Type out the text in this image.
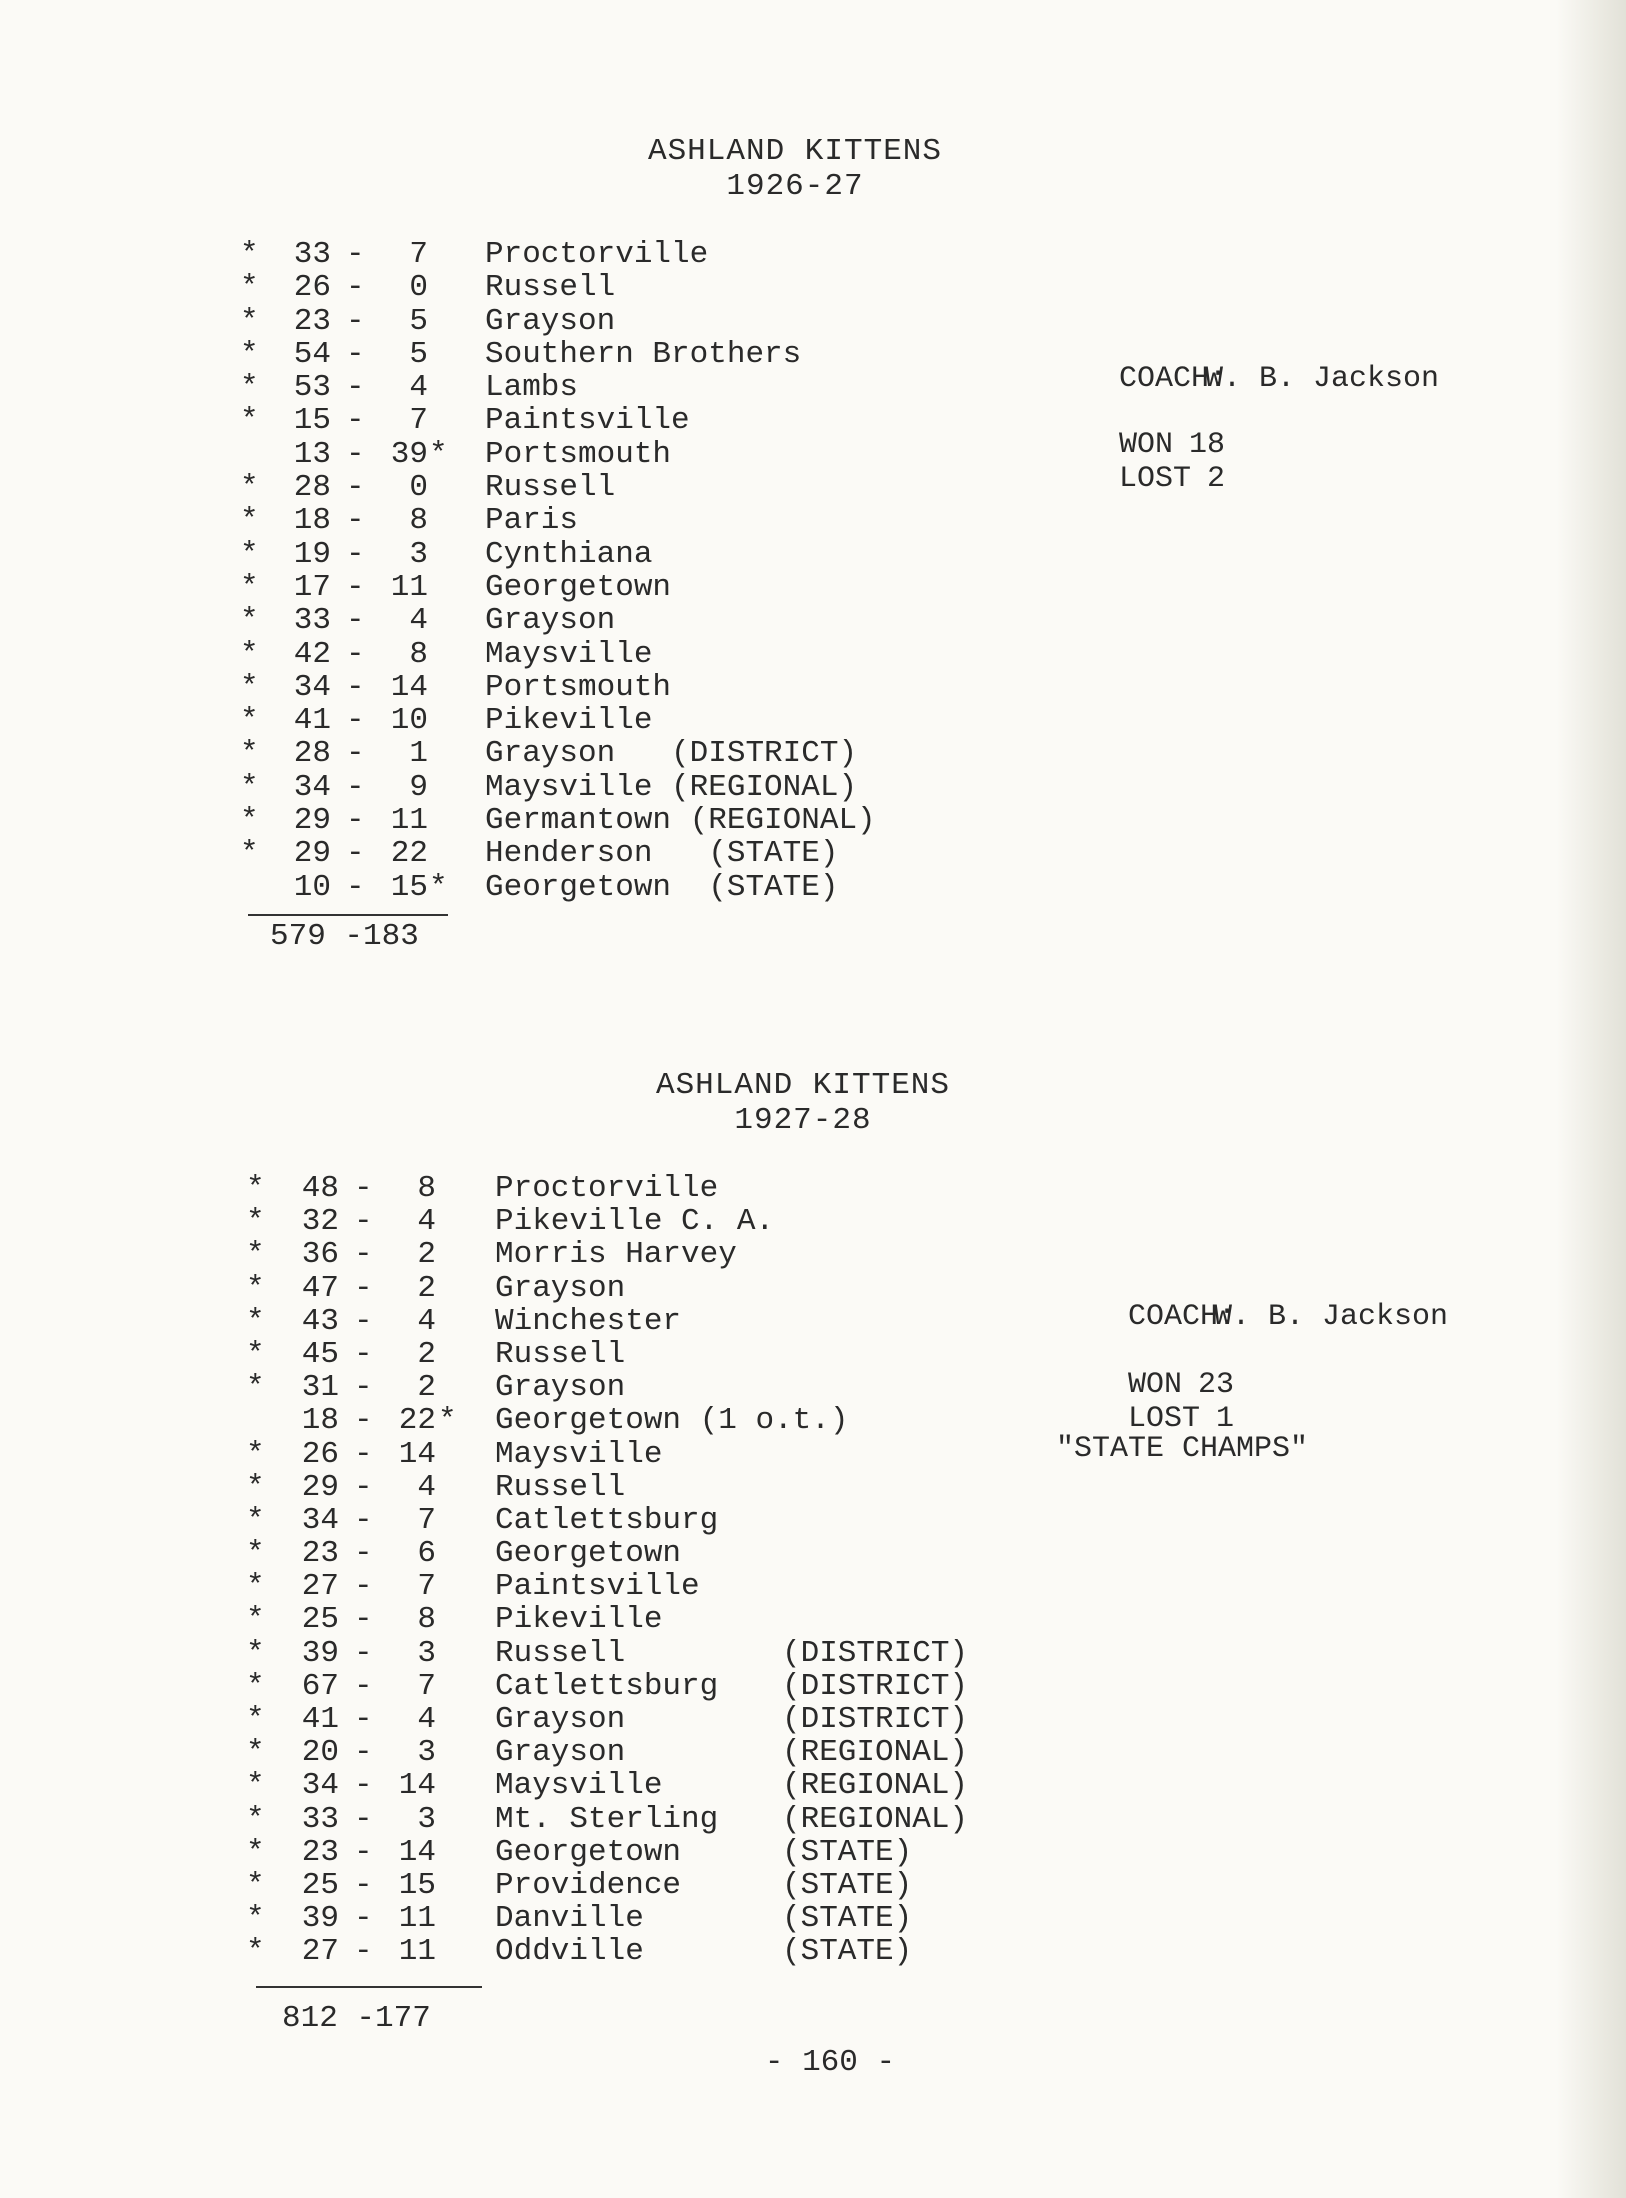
ASHLAND KITTENS
1926-27
*	33 -	7 Proctorville
*	26 -	0 Russell
*	23 -	5 Grayson
*	54 -	5 Southern Brothers
*	53 -	4 Lambs
*	15 -	7 Paintsville
13 - 39 * Portsmouth
*	28 -	0 Russell
*	18 -	8 Paris
*	19 -	3 Cynthiana
*	17 - 11 Georgetown
*	33 -	4 Grayson
*	42 -	8 Maysville
*	34 - 14 Portsmouth
*	41 - 10 Pikeville
*	28 -	1 Grayson   (DISTRICT)
*	34 -	9 Maysville (REGIONAL)
*	29 - 11 Germantown (REGIONAL)
*	29 - 22 Henderson   (STATE)
10 - 15 * Georgetown  (STATE)
579 -183

COACH:
W. B. Jackson

WON 18

LOST 2

ASHLAND KITTENS
1927-28
*	48 -	8 Proctorville
*	32 -	4 Pikeville C. A.
*	36 -	2 Morris Harvey
*	47 -	2 Grayson
*	43 -	4 Winchester
*	45 -	2 Russell
*	31 -	2 Grayson
18 - 22 * Georgetown (1 o.t.)
*	26 - 14 Maysville
*	29 -	4 Russell
*	34 -	7 Catlettsburg
*	23 -	6 Georgetown
*	27 -	7 Paintsville
*	25 -	8 Pikeville
*	39 -	3 Russell	(DISTRICT)
*	67 -	7 Catlettsburg (DISTRICT)
*	41 -	4 Grayson	(DISTRICT)
*	20 -	3 Grayson	(REGIONAL)
*	34 - 14 Maysville	(REGIONAL)
*	33 -	3 Mt. Sterling (REGIONAL)
*	23 - 14 Georgetown	(STATE)
*	25 - 15 Providence	(STATE)
*	39 - 11 Danville	(STATE)
*	27 - 11 Oddville	(STATE)
812 -177

COACH:
W. B. Jackson

WON 23

LOST 1

"STATE CHAMPS"
- 160 -
